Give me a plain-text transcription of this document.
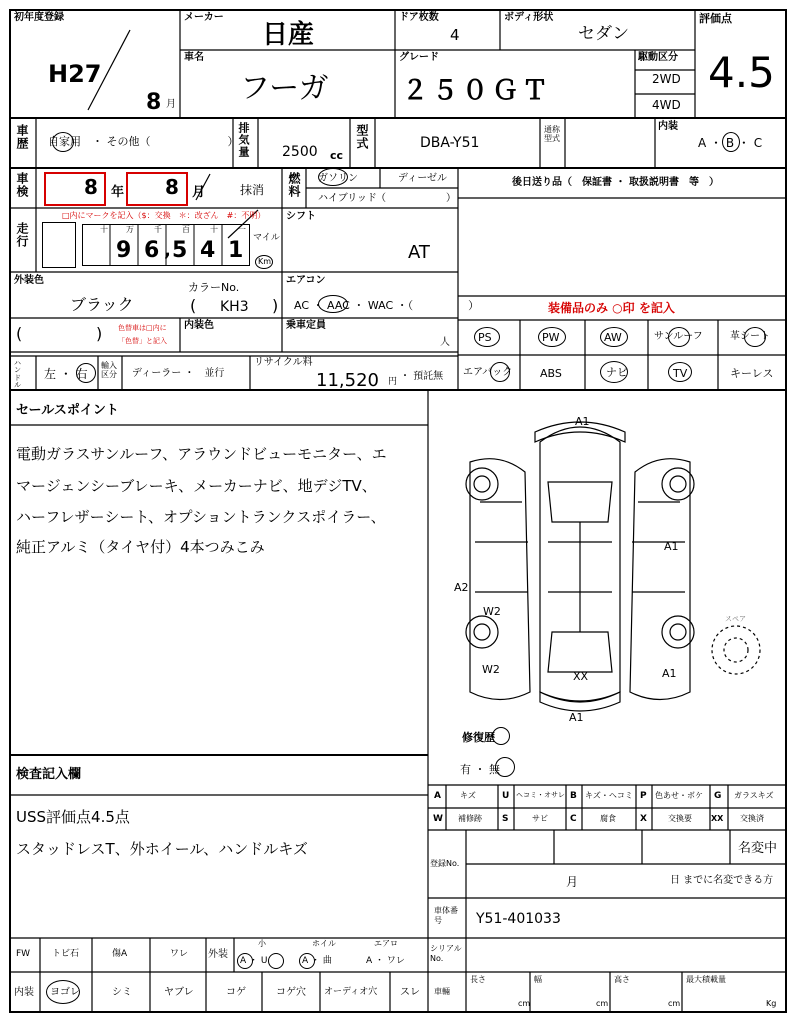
初年度登録
H27
8 月
メーカー
日産
ドア枚数
4
ボディ形状
セダン
評価点
4.5
車名
フーガ
グレード
２５０ＧＴ
駆動区分
2WD
4WD
車歴 自家用　・ その他（　　　　　　　）
排気量 2500 cc
型式	DBA-Y51
通称型式
内装
A ・ B ・ C
車検	8 年 8 月	抹消 燃料 ガソリン	ディーゼル
ハイブリッド （　　　　　　）
後日送り品（　保証書 ・ 取扱説明書　等　）
走行
□内にマークを記入（$：交換　＊：改ざん　#：不明）
十 万	千	百	十	一
9 6 5 4 1
,
マイル
Km
シフト
AT
外装色
ブラック
カラーNo.
( KH3 )
エアコン
AC ・ AAC ・ WAC ・（　　　　　）
(	) 色替車は□内に
「色替」と記入
内装色	乗車定員
人
装備品のみ ○印 を記入
PS	PW	AW	サンルーフ	革シート
エアバック	ABS	ナビ	TV	キーレス
ハンドル
左 ・ 右
輸入区分	ディーラー ・　並行
リサイクル料
11,520 円 ・ 預託無
セールスポイント
電動ガラスサンルーフ、アラウンドビューモニター、エ
マージェンシーブレーキ、メーカーナビ、地デジTV、
ハーフレザーシート、オプショントランクスポイラー、
純正アルミ（タイヤ付）4本つみこみ
A1
A1
A2
W2
W2
XX	A1
A1
スペア
修復歴
有 ・ 無
A キズ	U ヘコミ・オサレ B キズ・ヘコミ P 色あせ・ボケ G ガラスキズ
W 補修跡 S	サビ C	腐食	X	交換要 XX 交換済
検査記入欄
USS評価点4.5点
スタッドレスT、外ホイール、ハンドルキズ
登録No.
名変中
月	日 までに名変できる方
車体番号	Y51-401033
シリアルNo.
車輛
長さ
cm
幅
cm
高さ
cm
最大積載量
Kg
FW トビ石	傷A	ワレ 外装
小
A ・ U
ホイル
A ・ 曲
エアロ
A ・ ワレ
内装 ヨゴレ	シミ	ヤブレ	コゲ	コゲ穴 オーディオ穴 スレ
